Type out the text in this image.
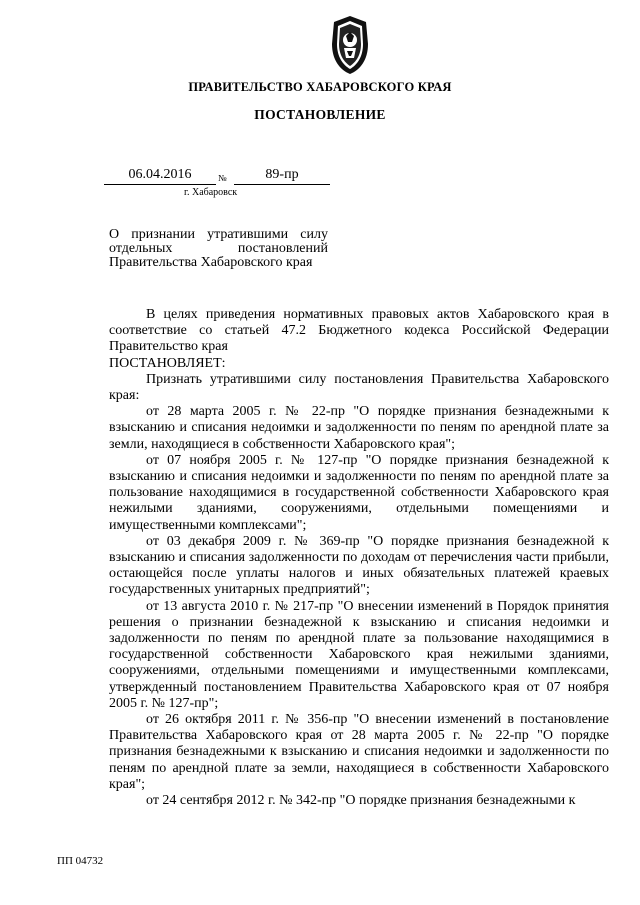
ПРАВИТЕЛЬСТВО ХАБАРОВСКОГО КРАЯ
ПОСТАНОВЛЕНИЕ
06.04.2016	№	89-пр
г. Хабаровск
О признании утратившими силу отдельных постановлений Правительства Хабаровского края

В целях приведения нормативных правовых актов Хабаровского края в соответствие со статьей 47.2 Бюджетного кодекса Российской Федерации Правительство края

ПОСТАНОВЛЯЕТ:

Признать утратившими силу постановления Правительства Хабаровского края:

от 28 марта 2005 г. № 22-пр "О порядке признания безнадежными к взысканию и списания недоимки и задолженности по пеням по арендной плате за земли, находящиеся в собственности Хабаровского края";

от 07 ноября 2005 г. № 127-пр "О порядке признания безнадежной к взысканию и списания недоимки и задолженности по пеням по арендной плате за пользование находящимися в государственной собственности Хабаровского края нежилыми зданиями, сооружениями, отдельными помещениями и имущественными комплексами";

от 03 декабря 2009 г. № 369-пр "О порядке признания безнадежной к взысканию и списания задолженности по доходам от перечисления части прибыли, остающейся после уплаты налогов и иных обязательных платежей краевых государственных унитарных предприятий";

от 13 августа 2010 г. № 217-пр "О внесении изменений в Порядок принятия решения о признании безнадежной к взысканию и списания недоимки и задолженности по пеням по арендной плате за пользование находящимися в государственной собственности Хабаровского края нежилыми зданиями, сооружениями, отдельными помещениями и имущественными комплексами, утвержденный постановлением Правительства Хабаровского края от 07 ноября 2005 г. № 127-пр";

от 26 октября 2011 г. № 356-пр "О внесении изменений в постановление Правительства Хабаровского края от 28 марта 2005 г. № 22-пр "О порядке признания безнадежными к взысканию и списания недоимки и задолженности по пеням по арендной плате за земли, находящиеся в собственности Хабаровского края";

от 24 сентября 2012 г. № 342-пр "О порядке признания безнадежными к

ПП 04732
